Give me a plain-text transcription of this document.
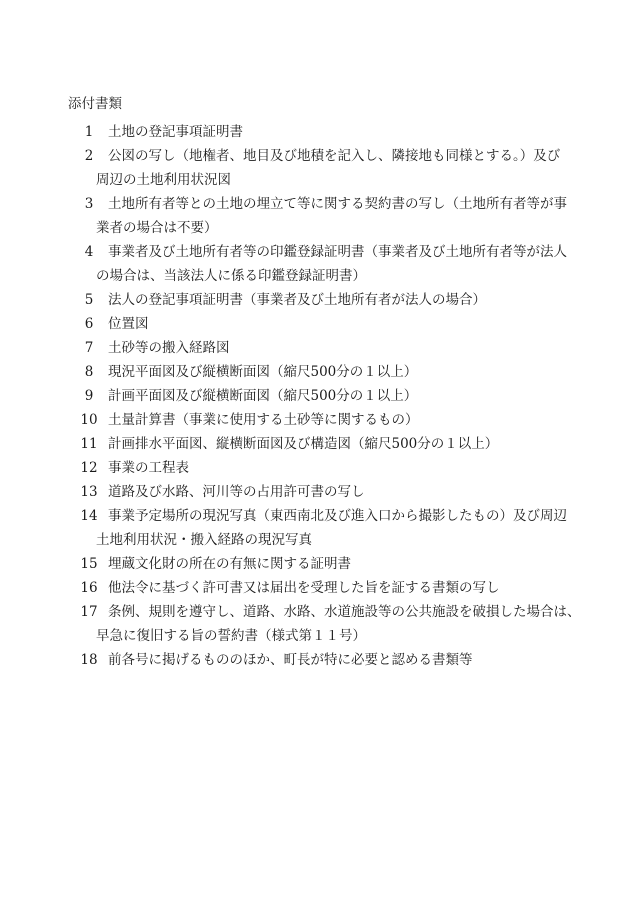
添付書類
1	土地の登記事項証明書
2	公図の写し（地権者、地目及び地積を記入し、隣接地も同様とする。）及び
周辺の土地利用状況図
3	土地所有者等との土地の埋立て等に関する契約書の写し（土地所有者等が事
業者の場合は不要）
4	事業者及び土地所有者等の印鑑登録証明書（事業者及び土地所有者等が法人
の場合は、当該法人に係る印鑑登録証明書）
5	法人の登記事項証明書（事業者及び土地所有者が法人の場合）
6	位置図
7	土砂等の搬入経路図
8	現況平面図及び縦横断面図（縮尺500分の１以上）
9	計画平面図及び縦横断面図（縮尺500分の１以上）
10 土量計算書（事業に使用する土砂等に関するもの）
11 計画排水平面図、縦横断面図及び構造図（縮尺500分の１以上）
12 事業の工程表
13 道路及び水路、河川等の占用許可書の写し
14 事業予定場所の現況写真（東西南北及び進入口から撮影したもの）及び周辺
土地利用状況・搬入経路の現況写真
15 埋蔵文化財の所在の有無に関する証明書
16 他法令に基づく許可書又は届出を受理した旨を証する書類の写し
17 条例、規則を遵守し、道路、水路、水道施設等の公共施設を破損した場合は、
早急に復旧する旨の誓約書（様式第１１号）
18 前各号に掲げるもののほか、町長が特に必要と認める書類等
